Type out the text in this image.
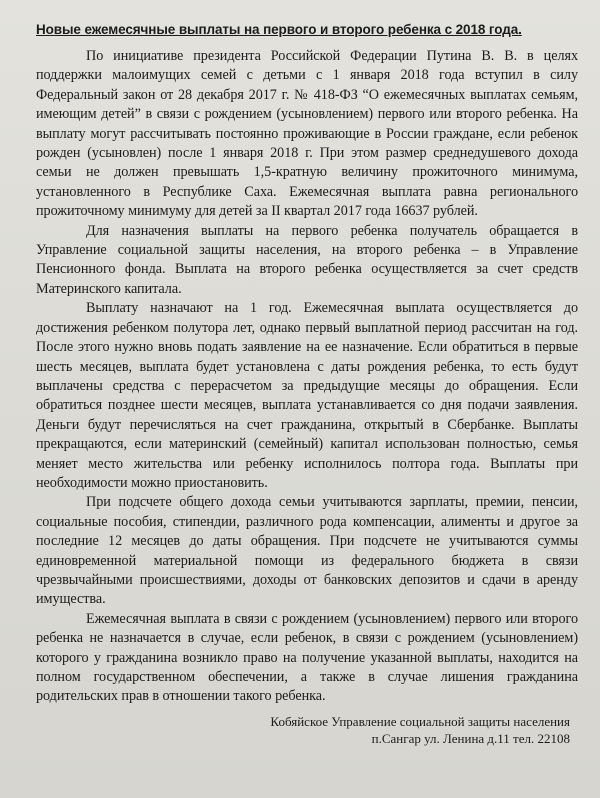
Новые ежемесячные выплаты на первого и второго ребенка с 2018 года.

По инициативе президента Российской Федерации Путина В. В. в целях поддержки малоимущих семей с детьми с 1 января 2018 года вступил в силу Федеральный закон от 28 декабря 2017 г. № 418-ФЗ “О ежемесячных выплатах семьям, имеющим детей” в связи с рождением (усыновлением) первого или второго ребенка. На выплату могут рассчитывать постоянно проживающие в России граждане, если ребенок рожден (усыновлен) после 1 января 2018 г. При этом размер среднедушевого дохода семьи не должен превышать 1,5-кратную величину прожиточного минимума, установленного в Республике Саха. Ежемесячная выплата равна регионального прожиточному минимуму для детей за II квартал 2017 года 16637 рублей.

Для назначения выплаты на первого ребенка получатель обращается в Управление социальной защиты населения, на второго ребенка – в Управление Пенсионного фонда. Выплата на второго ребенка осуществляется за счет средств Материнского капитала.

Выплату назначают на 1 год. Ежемесячная выплата осуществляется до достижения ребенком полутора лет, однако первый выплатной период рассчитан на год. После этого нужно вновь подать заявление на ее назначение. Если обратиться в первые шесть месяцев, выплата будет установлена с даты рождения ребенка, то есть будут выплачены средства с перерасчетом за предыдущие месяцы до обращения. Если обратиться позднее шести месяцев, выплата устанавливается со дня подачи заявления. Деньги будут перечисляться на счет гражданина, открытый в Сбербанке. Выплаты прекращаются, если материнский (семейный) капитал использован полностью, семья меняет место жительства или ребенку исполнилось полтора года. Выплаты при необходимости можно приостановить.

При подсчете общего дохода семьи учитываются зарплаты, премии, пенсии, социальные пособия, стипендии, различного рода компенсации, алименты и другое за последние 12 месяцев до даты обращения. При подсчете не учитываются суммы единовременной материальной помощи из федерального бюджета в связи чрезвычайными происшествиями, доходы от банковских депозитов и сдачи в аренду имущества.

Ежемесячная выплата в связи с рождением (усыновлением) первого или второго ребенка не назначается в случае, если ребенок, в связи с рождением (усыновлением) которого у гражданина возникло право на получение указанной выплаты, находится на полном государственном обеспечении, а также в случае лишения гражданина родительских прав в отношении такого ребенка.

Кобяйское Управление социальной защиты населения
п.Сангар ул. Ленина д.11 тел. 22108
